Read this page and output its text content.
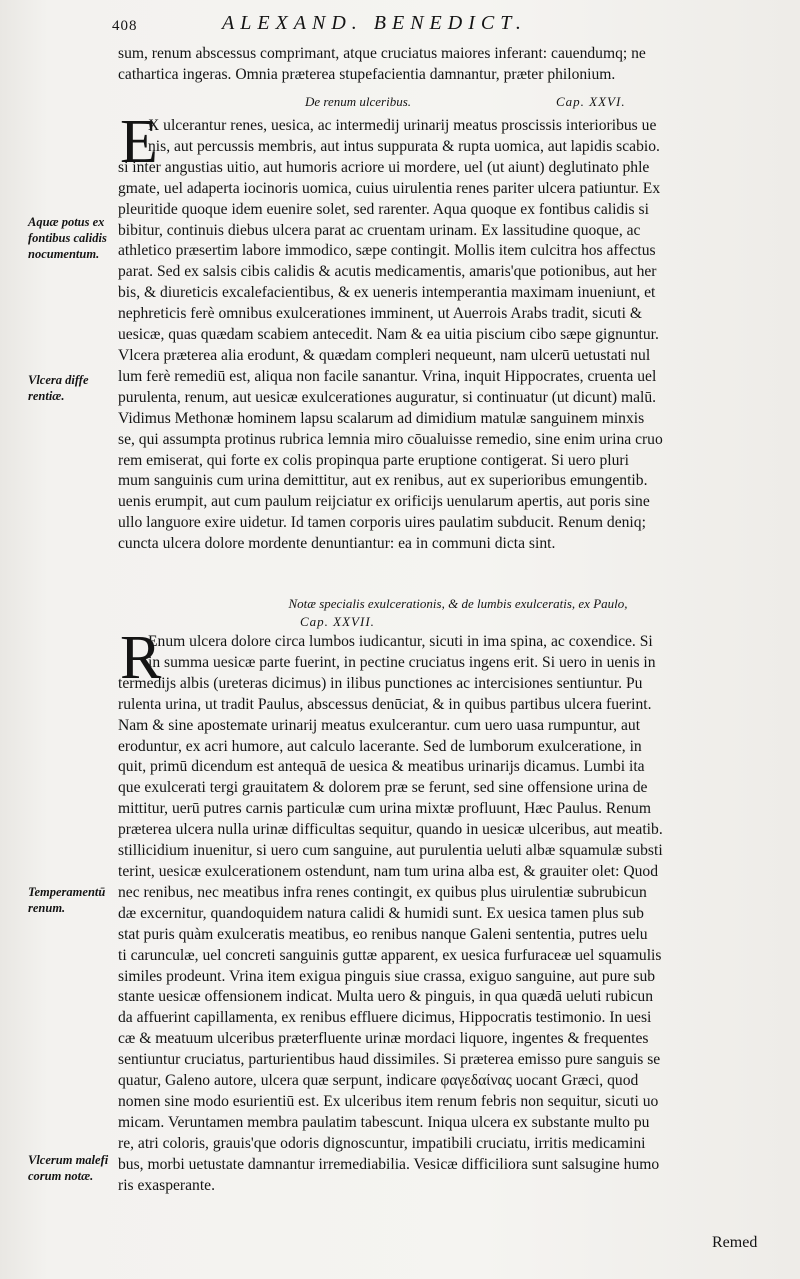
408	ALEXAND. BENEDICT.
sum, renum abscessus comprimant, atque cruciatus maiores inferant: cauendumq; ne
cathartica ingeras. Omnia præterea stupefacientia damnantur, præter philonium.
De renum ulceribus.	Cap. XXVI.
E
X ulcerantur renes, uesica, ac intermedij urinarij meatus proscissis interioribus ue
nis, aut percussis membris, aut intus suppurata & rupta uomica, aut lapidis scabio.
si inter angustias uitio, aut humoris acriore ui mordere, uel (ut aiunt) deglutinato phle
gmate, uel adaperta iocinoris uomica, cuius uirulentia renes pariter ulcera patiuntur. Ex
pleuritide quoque idem euenire solet, sed rarenter. Aqua quoque ex fontibus calidis si
bibitur, continuis diebus ulcera parat ac cruentam urinam. Ex lassitudine quoque, ac
athletico præsertim labore immodico, sæpe contingit. Mollis item culcitra hos affectus
parat. Sed ex salsis cibis calidis & acutis medicamentis, amaris'que potionibus, aut her
bis, & diureticis excalefacientibus, & ex ueneris intemperantia maximam inueniunt, et
nephreticis ferè omnibus exulcerationes imminent, ut Auerrois Arabs tradit, sicuti &
uesicæ, quas quædam scabiem antecedit. Nam & ea uitia piscium cibo sæpe gignuntur.
Vlcera præterea alia erodunt, & quædam compleri nequeunt, nam ulcerū uetustati nul
lum ferè remediū est, aliqua non facile sanantur. Vrina, inquit Hippocrates, cruenta uel
purulenta, renum, aut uesicæ exulcerationes auguratur, si continuatur (ut dicunt) malū.
Vidimus Methonæ hominem lapsu scalarum ad dimidium matulæ sanguinem minxis
se, qui assumpta protinus rubrica lemnia miro cōualuisse remedio, sine enim urina cruo
rem emiserat, qui forte ex colis propinqua parte eruptione contigerat. Si uero pluri
mum sanguinis cum urina demittitur, aut ex renibus, aut ex superioribus emungentib.
uenis erumpit, aut cum paulum reijciatur ex orificijs uenularum apertis, aut poris sine
ullo languore exire uidetur. Id tamen corporis uires paulatim subducit. Renum deniq;
cuncta ulcera dolore mordente denuntiantur: ea in communi dicta sint.
Notæ specialis exulcerationis, & de lumbis exulceratis, ex Paulo,
Cap. XXVII.
R
Enum ulcera dolore circa lumbos iudicantur, sicuti in ima spina, ac coxendice. Si
in summa uesicæ parte fuerint, in pectine cruciatus ingens erit. Si uero in uenis in
termedijs albis (ureteras dicimus) in ilibus punctiones ac intercisiones sentiuntur. Pu
rulenta urina, ut tradit Paulus, abscessus denūciat, & in quibus partibus ulcera fuerint.
Nam & sine apostemate urinarij meatus exulcerantur. cum uero uasa rumpuntur, aut
eroduntur, ex acri humore, aut calculo lacerante. Sed de lumborum exulceratione, in
quit, primū dicendum est antequā de uesica & meatibus urinarijs dicamus. Lumbi ita
que exulcerati tergi grauitatem & dolorem præ se ferunt, sed sine offensione urina de
mittitur, uerū putres carnis particulæ cum urina mixtæ profluunt, Hæc Paulus. Renum
præterea ulcera nulla urinæ difficultas sequitur, quando in uesicæ ulceribus, aut meatib.
stillicidium inuenitur, si uero cum sanguine, aut purulentia ueluti albæ squamulæ substi
terint, uesicæ exulcerationem ostendunt, nam tum urina alba est, & grauiter olet: Quod
nec renibus, nec meatibus infra renes contingit, ex quibus plus uirulentiæ subrubicun
dæ excernitur, quandoquidem natura calidi & humidi sunt. Ex uesica tamen plus sub
stat puris quàm exulceratis meatibus, eo renibus nanque Galeni sententia, putres uelu
ti carunculæ, uel concreti sanguinis guttæ apparent, ex uesica furfuraceæ uel squamulis
similes prodeunt. Vrina item exigua pinguis siue crassa, exiguo sanguine, aut pure sub
stante uesicæ offensionem indicat. Multa uero & pinguis, in qua quædā ueluti rubicun
da affuerint capillamenta, ex renibus effluere dicimus, Hippocratis testimonio. In uesi
cæ & meatuum ulceribus præterfluente urinæ mordaci liquore, ingentes & frequentes
sentiuntur cruciatus, parturientibus haud dissimiles. Si præterea emisso pure sanguis se
quatur, Galeno autore, ulcera quæ serpunt, indicare φαγεδαίνας uocant Græci, quod
nomen sine modo esurientiū est. Ex ulceribus item renum febris non sequitur, sicuti uo
micam. Veruntamen membra paulatim tabescunt. Iniqua ulcera ex substante multo pu
re, atri coloris, grauis'que odoris dignoscuntur, impatibili cruciatu, irritis medicamini
bus, morbi uetustate damnantur irremediabilia. Vesicæ difficiliora sunt salsugine humo
ris exasperante.
Aquæ potus ex
fontibus calidis
nocumentum.
Vlcera diffe
rentiæ.
Temperamentū
renum.
Vlcerum malefi
corum notæ.
Remed
